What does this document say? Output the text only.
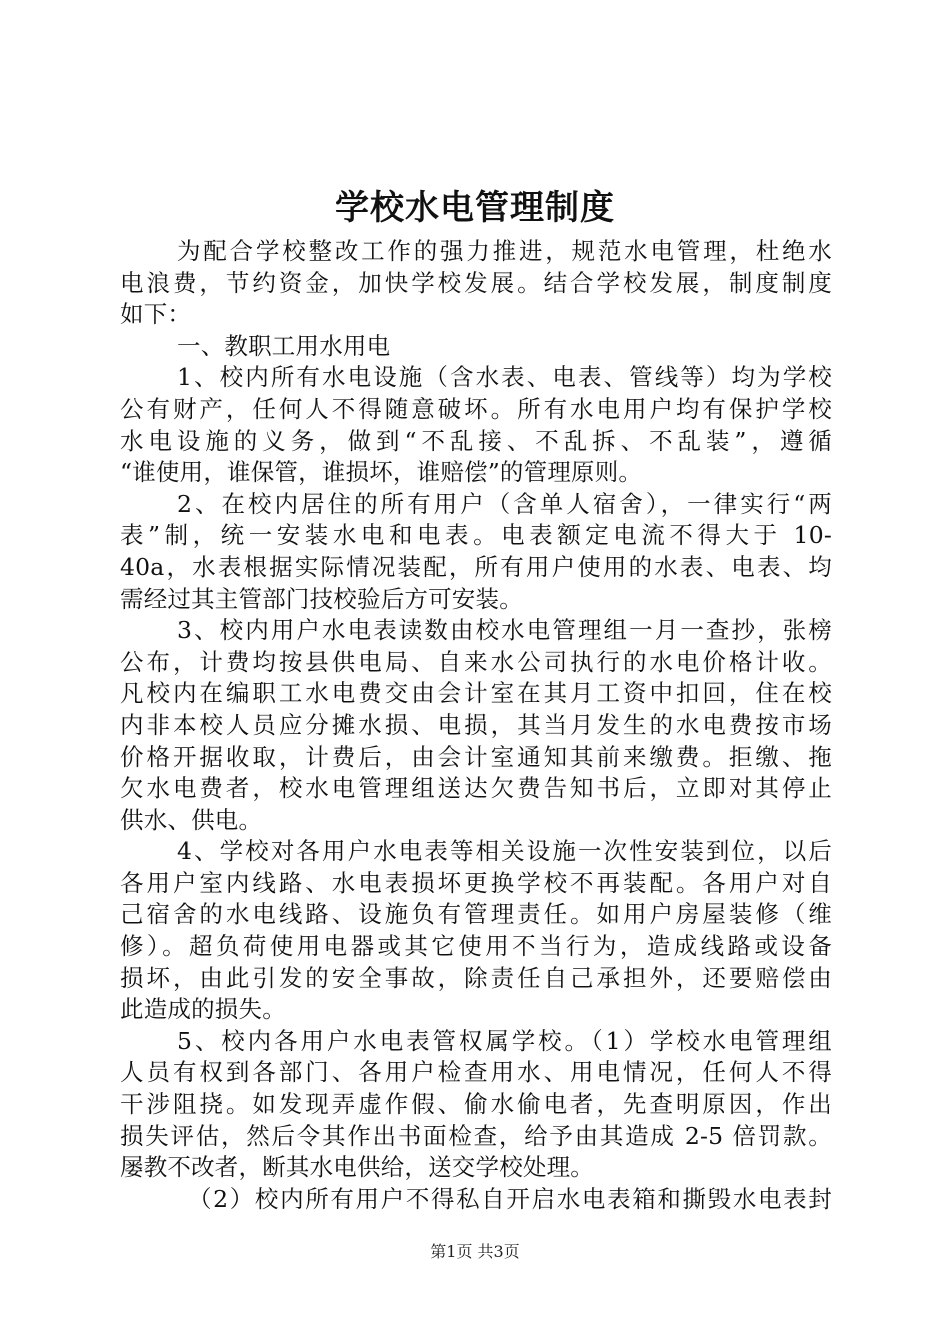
学校水电管理制度
为配合学校整改工作的强力推进，规范水电管理，杜绝水
电浪费，节约资金，加快学校发展。结合学校发展，制度制度
如下：
一、教职工用水用电
1、校内所有水电设施（含水表、电表、管线等）均为学校
公有财产，任何人不得随意破坏。所有水电用户均有保护学校
水电设施的义务，做到“不乱接、不乱拆、不乱装”，遵循
“谁使用，谁保管，谁损坏，谁赔偿”的管理原则。
2、在校内居住的所有用户（含单人宿舍），一律实行“两
表”制，统一安装水电和电表。电表额定电流不得大于 10-
40a，水表根据实际情况装配，所有用户使用的水表、电表、均
需经过其主管部门技校验后方可安装。
3、校内用户水电表读数由校水电管理组一月一查抄，张榜
公布，计费均按县供电局、自来水公司执行的水电价格计收。
凡校内在编职工水电费交由会计室在其月工资中扣回，住在校
内非本校人员应分摊水损、电损，其当月发生的水电费按市场
价格开据收取，计费后，由会计室通知其前来缴费。拒缴、拖
欠水电费者，校水电管理组送达欠费告知书后，立即对其停止
供水、供电。
4、学校对各用户水电表等相关设施一次性安装到位，以后
各用户室内线路、水电表损坏更换学校不再装配。各用户对自
己宿舍的水电线路、设施负有管理责任。如用户房屋装修（维
修）。超负荷使用电器或其它使用不当行为，造成线路或设备
损坏，由此引发的安全事故，除责任自己承担外，还要赔偿由
此造成的损失。
5、校内各用户水电表管权属学校。（1）学校水电管理组
人员有权到各部门、各用户检查用水、用电情况，任何人不得
干涉阻挠。如发现弄虚作假、偷水偷电者，先查明原因，作出
损失评估，然后令其作出书面检查，给予由其造成 2-5 倍罚款。
屡教不改者，断其水电供给，送交学校处理。
（2）校内所有用户不得私自开启水电表箱和撕毁水电表封
第1页 共3页
